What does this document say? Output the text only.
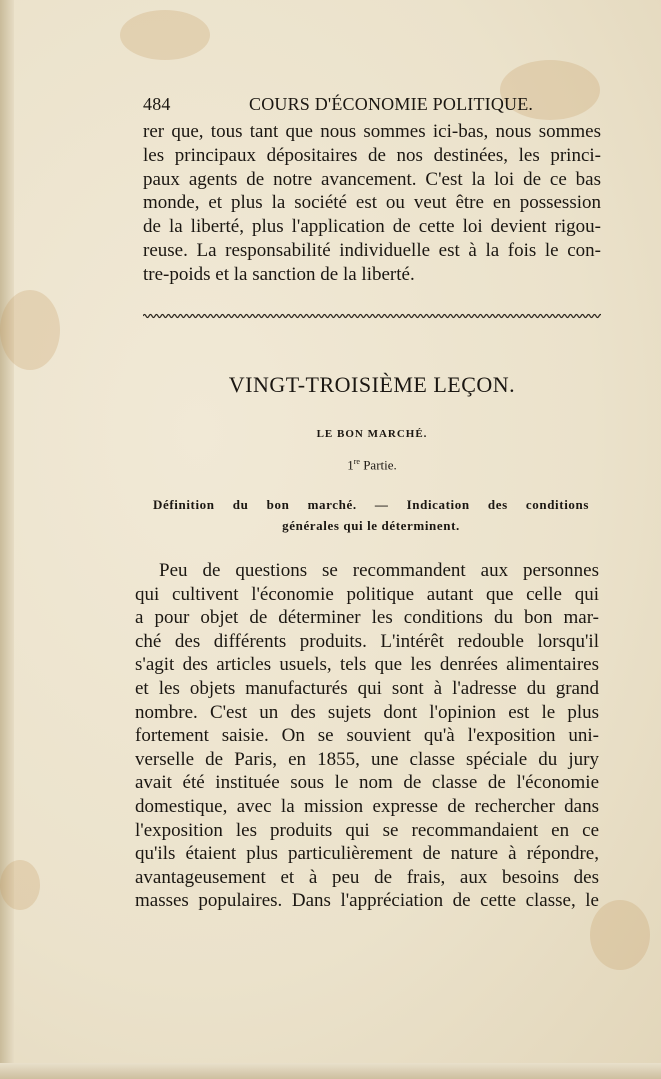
484	COURS D'ÉCONOMIE POLITIQUE.
rer que, tous tant que nous sommes ici-bas, nous sommes
les principaux dépositaires de nos destinées, les princi-
paux agents de notre avancement. C'est la loi de ce bas
monde, et plus la société est ou veut être en possession
de la liberté, plus l'application de cette loi devient rigou-
reuse. La responsabilité individuelle est à la fois le con-
tre-poids et la sanction de la liberté.
VINGT-TROISIÈME LEÇON.
LE BON MARCHÉ.
1re Partie.
Définition du bon marché. — Indication des conditions
générales qui le déterminent.
Peu de questions se recommandent aux personnes
qui cultivent l'économie politique autant que celle qui
a pour objet de déterminer les conditions du bon mar-
ché des différents produits. L'intérêt redouble lorsqu'il
s'agit des articles usuels, tels que les denrées alimentaires
et les objets manufacturés qui sont à l'adresse du grand
nombre. C'est un des sujets dont l'opinion est le plus
fortement saisie. On se souvient qu'à l'exposition uni-
verselle de Paris, en 1855, une classe spéciale du jury
avait été instituée sous le nom de classe de l'économie
domestique, avec la mission expresse de rechercher dans
l'exposition les produits qui se recommandaient en ce
qu'ils étaient plus particulièrement de nature à répondre,
avantageusement et à peu de frais, aux besoins des
masses populaires. Dans l'appréciation de cette classe, le
